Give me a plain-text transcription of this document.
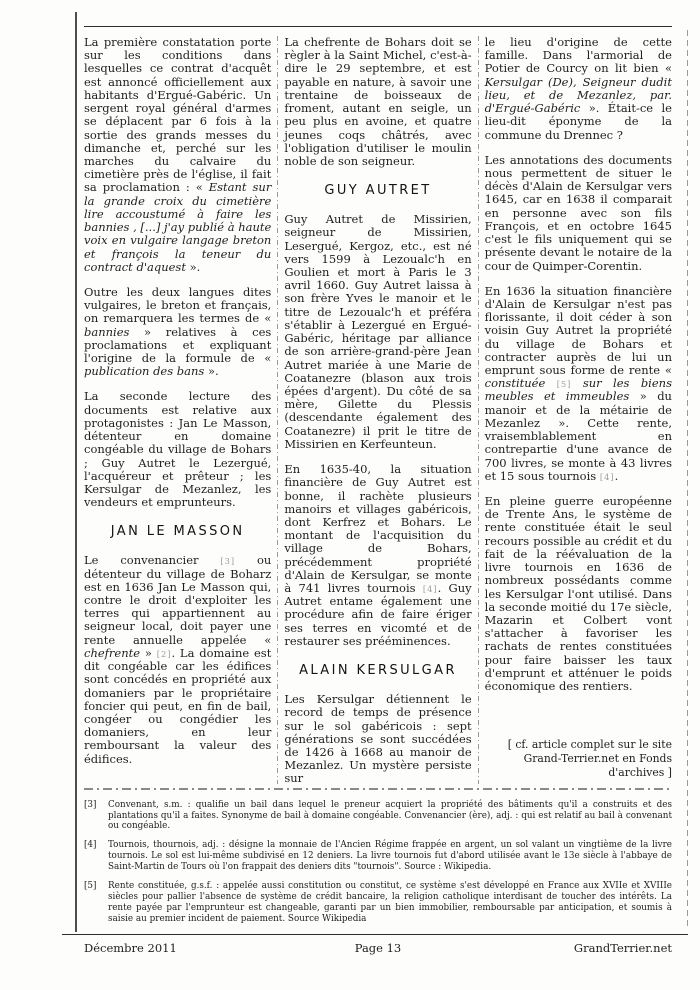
La première constatation porte sur les conditions dans lesquelles ce contrat d'acquêt est annoncé officiellement aux habitants d'Ergué-Gabéric. Un sergent royal général d'armes se déplacent par 6 fois à la sortie des grands messes du dimanche et, perché sur les marches du calvaire du cimetière près de l'église, il fait sa proclamation : « Estant sur la grande croix du cimetière lire accoustumé à faire les bannies , [...] j'ay publié à haute voix en vulgaire langage breton et françois la teneur du contract d'aquest ».

Outre les deux langues dites vulgaires, le breton et français, on remarquera les termes de « bannies » relatives à ces proclamations et expliquant l'origine de la formule de « publication des bans ».

La seconde lecture des documents est relative aux protagonistes : Jan Le Masson, détenteur en domaine congéable du village de Bohars ; Guy Autret le Lezergué, l'acquéreur et prêteur ; les Kersulgar de Mezanlez, les vendeurs et emprunteurs.

JAN LE MASSON

Le convenancier [3] ou détenteur du village de Boharz est en 1636 Jan Le Masson qui, contre le droit d'exploiter les terres qui appartiennent au seigneur local, doit payer une rente annuelle appelée « chefrente » [2]. La domaine est dit congéable car les édifices sont concédés en propriété aux domaniers par le propriétaire foncier qui peut, en fin de bail, congéer ou congédier les domaniers, en leur remboursant la valeur des édifices.

La chefrente de Bohars doit se règler à la Saint Michel, c'est-à-dire le 29 septembre, et est payable en nature, à savoir une trentaine de boisseaux de froment, autant en seigle, un peu plus en avoine, et quatre jeunes coqs châtrés, avec l'obligation d'utiliser le moulin noble de son seigneur.

GUY AUTRET

Guy Autret de Missirien, seigneur de Missirien, Lesergué, Kergoz, etc., est né vers 1599 à Lezoualc'h en Goulien et mort à Paris le 3 avril 1660. Guy Autret laissa à son frère Yves le manoir et le titre de Lezoualc'h et préféra s'établir à Lezergué en Ergué-Gabéric, héritage par alliance de son arrière-grand-père Jean Autret mariée à une Marie de Coatanezre (blason aux trois épées d'argent). Du côté de sa mère, Gilette du Plessis (descendante également des Coatanezre) il prit le titre de Missirien en Kerfeunteun.

En 1635-40, la situation financière de Guy Autret est bonne, il rachète plusieurs manoirs et villages gabéricois, dont Kerfrez et Bohars. Le montant de l'acquisition du village de Bohars, précédemment propriété d'Alain de Kersulgar, se monte à 741 livres tournois [4]. Guy Autret entame également une procédure afin de faire ériger ses terres en vicomté et de restaurer ses prééminences.

ALAIN KERSULGAR

Les Kersulgar détiennent le record de temps de présence sur le sol gabéricois : sept générations se sont succédées de 1426 à 1668 au manoir de Mezanlez. Un mystère persiste sur

le lieu d'origine de cette famille. Dans l'armorial de Potier de Courcy on lit bien « Kersulgar (De), Seigneur dudit lieu, et de Mezanlez, par. d'Ergué-Gabéric ». Était-ce le lieu-dit éponyme de la commune du Drennec ?

Les annotations des documents nous permettent de situer le décès d'Alain de Kersulgar vers 1645, car en 1638 il comparait en personne avec son fils François, et en octobre 1645 c'est le fils uniquement qui se présente devant le notaire de la cour de Quimper-Corentin.

En 1636 la situation financière d'Alain de Kersulgar n'est pas florissante, il doit céder à son voisin Guy Autret la propriété du village de Bohars et contracter auprès de lui un emprunt sous forme de rente « constituée [5] sur les biens meubles et immeubles » du manoir et de la métairie de Mezanlez ». Cette rente, vraisemblablement en contrepartie d'une avance de 700 livres, se monte à 43 livres et 15 sous tournois [4].

En pleine guerre européenne de Trente Ans, le système de rente constituée était le seul recours possible au crédit et du fait de la réévaluation de la livre tournois en 1636 de nombreux possédants comme les Kersulgar l'ont utilisé. Dans la seconde moitié du 17e siècle, Mazarin et Colbert vont s'attacher à favoriser les rachats de rentes constituées pour faire baisser les taux d'emprunt et atténuer le poids économique des rentiers.

[ cf. article complet sur le site Grand-Terrier.net en Fonds d'archives ]
[3]	Convenant, s.m. : qualifie un bail dans lequel le preneur acquiert la propriété des bâtiments qu'il a construits et des plantations qu'il a faites. Synonyme de bail à domaine congéable. Convenancier (ère), adj. : qui est relatif au bail à convenant ou congéable.
[4]	Tournois, thournois, adj. : désigne la monnaie de l'Ancien Régime frappée en argent, un sol valant un vingtième de la livre tournois. Le sol est lui-même subdivisé en 12 deniers. La livre tournois fut d'abord utilisée avant le 13e siècle à l'abbaye de Saint-Martin de Tours où l'on frappait des deniers dits "tournois". Source : Wikipedia.
[5]	Rente constituée, g.s.f. : appelée aussi constitution ou constitut, ce système s'est développé en France aux XVIIe et XVIIIe siècles pour pallier l'absence de système de crédit bancaire, la religion catholique interdisant de toucher des intérêts. La rente payée par l'emprunteur est changeable, garanti par un bien immobilier, remboursable par anticipation, et soumis à saisie au premier incident de paiement. Source Wikipedia
Décembre 2011	Page 13	GrandTerrier.net
